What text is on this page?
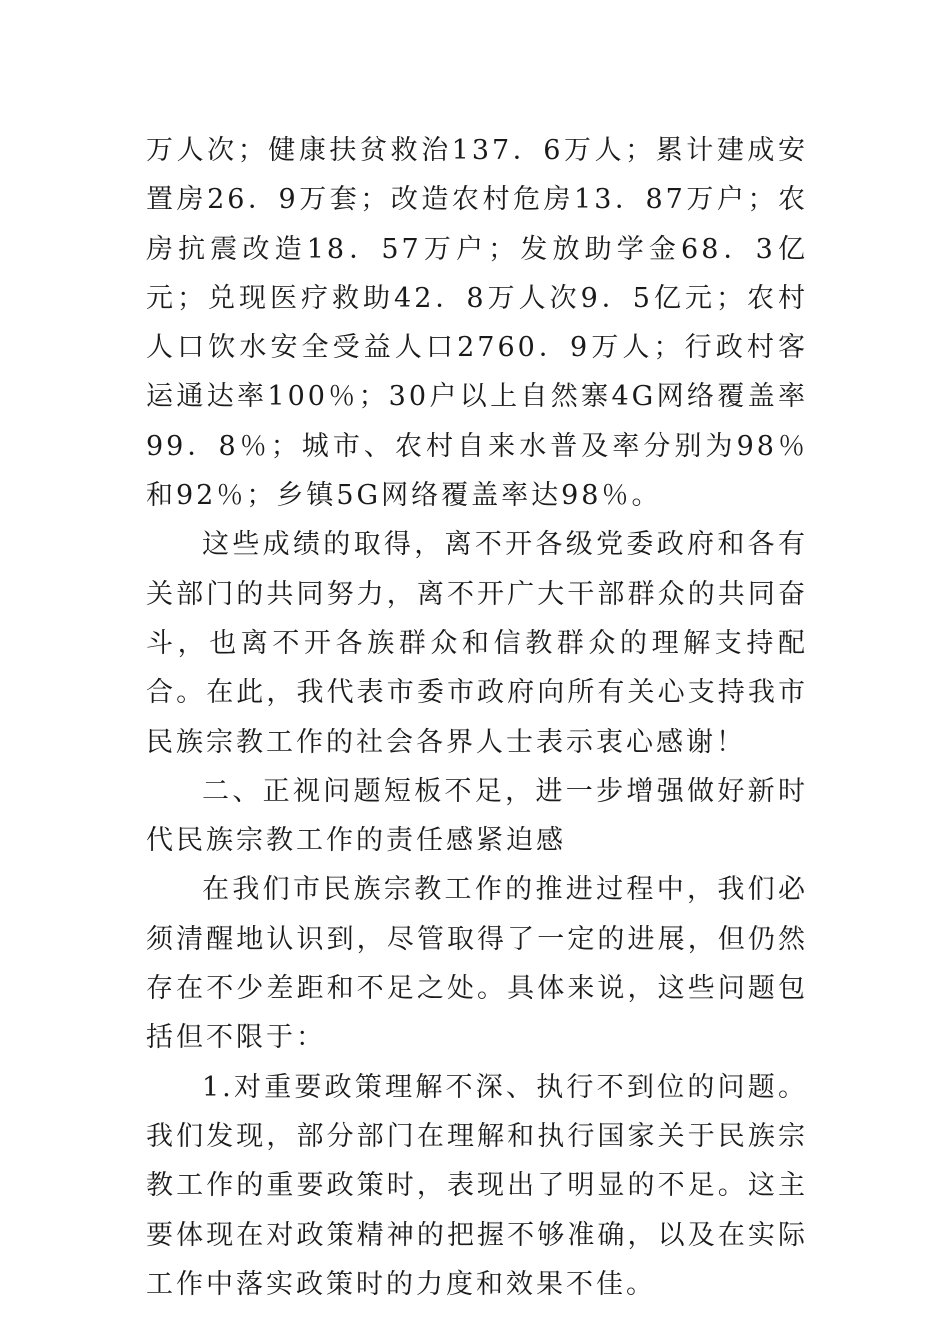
万人次；健康扶贫救治137．6万人；累计建成安置房26．9万套；改造农村危房13．87万户；农房抗震改造18．57万户；发放助学金68．3亿元；兑现医疗救助42．8万人次9．5亿元；农村人口饮水安全受益人口2760．9万人；行政村客运通达率100％；30户以上自然寨4G网络覆盖率99．8％；城市、农村自来水普及率分别为98％和92％；乡镇5G网络覆盖率达98％。

这些成绩的取得，离不开各级党委政府和各有关部门的共同努力，离不开广大干部群众的共同奋斗，也离不开各族群众和信教群众的理解支持配合。在此，我代表市委市政府向所有关心支持我市民族宗教工作的社会各界人士表示衷心感谢！

二、正视问题短板不足，进一步增强做好新时代民族宗教工作的责任感紧迫感

在我们市民族宗教工作的推进过程中，我们必须清醒地认识到，尽管取得了一定的进展，但仍然存在不少差距和不足之处。具体来说，这些问题包括但不限于：

1.对重要政策理解不深、执行不到位的问题。我们发现，部分部门在理解和执行国家关于民族宗教工作的重要政策时，表现出了明显的不足。这主要体现在对政策精神的把握不够准确，以及在实际工作中落实政策时的力度和效果不佳。
